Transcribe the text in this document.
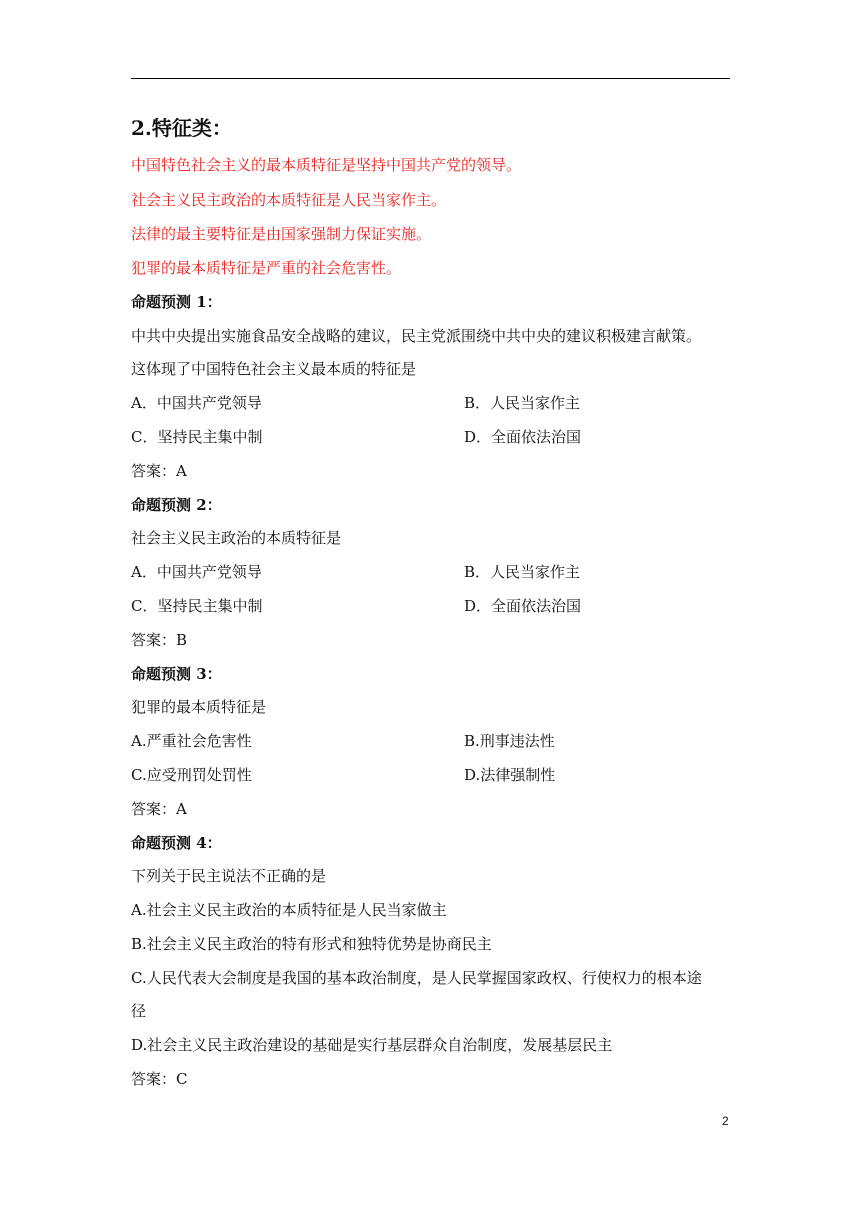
2.特征类：
中国特色社会主义的最本质特征是坚持中国共产党的领导。
社会主义民主政治的本质特征是人民当家作主。
法律的最主要特征是由国家强制力保证实施。
犯罪的最本质特征是严重的社会危害性。
命题预测 1：
中共中央提出实施食品安全战略的建议，民主党派围绕中共中央的建议积极建言献策。
这体现了中国特色社会主义最本质的特征是
A．中国共产党领导	B．人民当家作主
C．坚持民主集中制	D．全面依法治国
答案：A
命题预测 2：
社会主义民主政治的本质特征是
A．中国共产党领导	B．人民当家作主
C．坚持民主集中制	D．全面依法治国
答案：B
命题预测 3：
犯罪的最本质特征是
A.严重社会危害性	B.刑事违法性
C.应受刑罚处罚性	D.法律强制性
答案：A
命题预测 4：
下列关于民主说法不正确的是
A.社会主义民主政治的本质特征是人民当家做主
B.社会主义民主政治的特有形式和独特优势是协商民主
C.人民代表大会制度是我国的基本政治制度，是人民掌握国家政权、行使权力的根本途
径
D.社会主义民主政治建设的基础是实行基层群众自治制度，发展基层民主
答案：C
2
